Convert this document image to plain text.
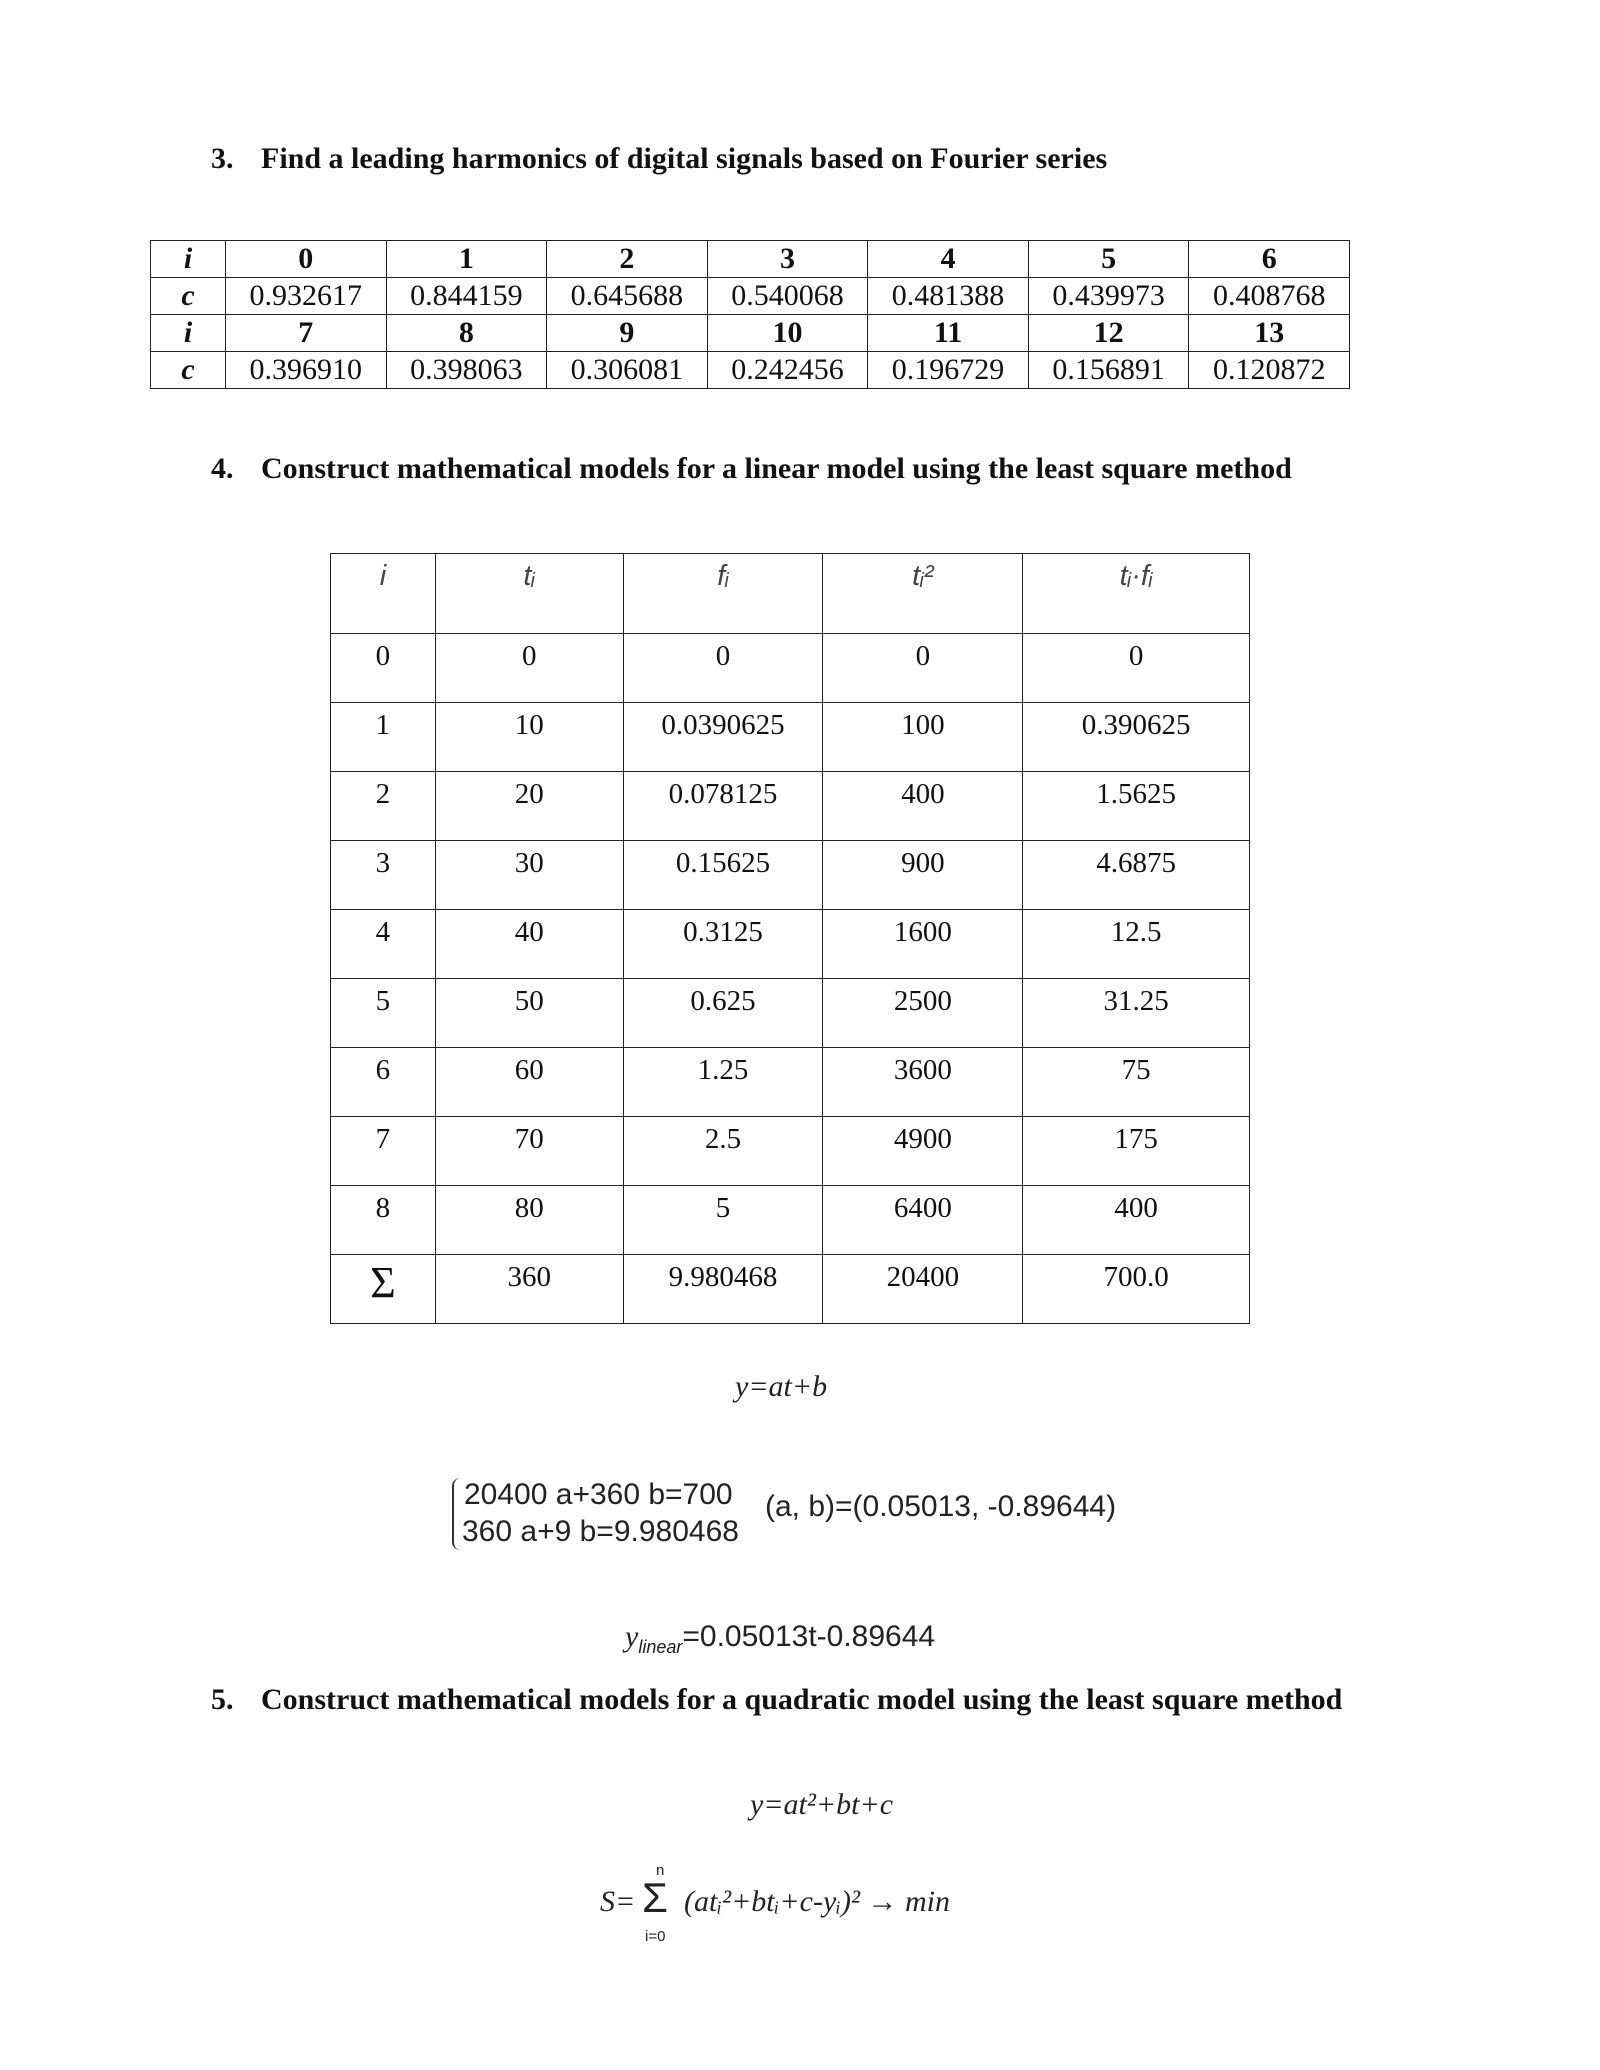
3. Find a leading harmonics of digital signals based on Fourier series
i	0	1	2	3	4	5	6
c	0.932617	0.844159	0.645688	0.540068	0.481388	0.439973	0.408768
i	7	8	9	10	11	12	13
c	0.396910	0.398063	0.306081	0.242456	0.196729	0.156891	0.120872
4. Construct mathematical models for a linear model using the least square method
i	tᵢ	fᵢ	tᵢ²	tᵢ·fᵢ
0	0	0	0	0
1	10	0.0390625	100	0.390625
2	20	0.078125	400	1.5625
3	30	0.15625	900	4.6875
4	40	0.3125	1600	12.5
5	50	0.625	2500	31.25
6	60	1.25	3600	75
7	70	2.5	4900	175
8	80	5	6400	400
Σ	360	9.980468	20400	700.0
y=at+b
20400 a+360 b=700
360 a+9 b=9.980468
(a, b)=(0.05013, -0.89644)
$y_{linear}=0.05013t-0.89644$
5. Construct mathematical models for a quadratic model using the least square method
y=at²+bt+c
S=
n
Σ
i=0
(atᵢ²+btᵢ+c-yᵢ)² → min
